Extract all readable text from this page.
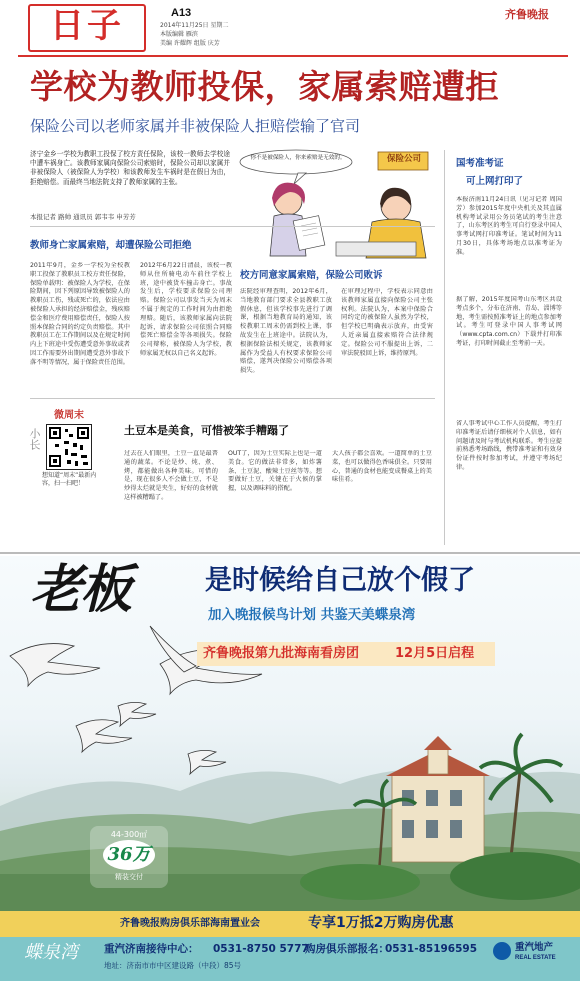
日子	A13
2014年11月25日 星期二
本版编辑 雁滨
美编 许耀辉 组版 庆芳
齐鲁晚报
学校为教师投保，家属索赔遭拒
保险公司以老师家属并非被保险人拒赔偿输了官司
济宁金乡一学校为教职工投保了校方责任保险，该校一教师去学校途中遭车祸身亡。该教师家属向保险公司索赔时，保险公司却以家属并非被保险人（被保险人为学校）和该教师发生车祸时是在假日为由，拒绝赔偿。而最终当地法院支持了教师家属的主张。
本报记者 路帅 通讯员 郭韦韦 申芳芳
你不是被保险人，你来索赔是无效的。	保险公司
教师身亡家属索赔，却遭保险公司拒绝
校方同意家属索赔，保险公司败诉
2011年9月，金乡一学校为全校教职工投保了教职员工校方责任保险，保险单载明：被保险人为学校，在保险期间，因下列原因导致被保险人的教职员工伤，残或死亡的，依法应由被保险人承担的经济赔偿金，残疾赔偿金和医疗费用赔偿责任，保险人按照本保险合同的约定负责赔偿。其中教职员工在工作期间以及在规定时间内上下班途中受伤遭受意外事故或者因工作需要外出期间遭受意外事故下落不明等情况，属于保险责任范围。
2012年6月22日清晨，该校一教师从住所骑电动车前往学校上班，途中被货车撞击身亡。事故发生后，学校要求保险公司理赔。保险公司以事发当天为周末不属于规定的工作时间为由拒绝理赔。随后，该教师家属向法院起诉，请求保险公司依照合同赔偿死亡赔偿金等各项损失。保险公司辩称，被保险人为学校，教师家属无权以自己名义起诉。
法院经审理查明，2012年6月，当地教育部门要求全县教职工放假休息，但该学校事先进行了调课，根据当地教育局的通知，该校教职工周末仍需到校上课，事故发生在上班途中。法院认为，根据保险法相关规定，该教师家属作为受益人有权要求保险公司赔偿，遂判决保险公司赔偿各项损失。
在审理过程中，学校表示同意由该教师家属直接向保险公司主张权利。法院认为，本案中保险合同约定的被保险人虽然为学校，但学校已明确表示放弃，由受害人近亲属直接索赔符合法律规定。保险公司不服提出上诉，二审法院驳回上诉，维持原判。
国考准考证
可上网打印了
本报济南11月24日讯（见习记者 周国芳）参加2015年度中央机关及其直属机构考试录用公务员笔试的考生注意了，山东考区的考生可自行登录中国人事考试网打印准考证。笔试时间为11月30日，具体考场地点以准考证为准。
据了解，2015年度国考山东考区共设考点多个，分布在济南、青岛、淄博等地，考生需按照准考证上的地点参加考试。考生可登录中国人事考试网（www.cpta.com.cn）下载并打印准考证，打印时间截止至考前一天。
省人事考试中心工作人员提醒，考生打印准考证后请仔细核对个人信息，如有问题请及时与考试机构联系。考生应提前熟悉考场路线，携带准考证和有效身份证件按时参加考试，并遵守考场纪律。
小长
微周末
想知道“周末”最新内容，扫一扫吧！
土豆本是美食，可惜被笨手糟蹋了
过去在人们眼里，土豆一直是最普通的蔬菜。不论是炒、炖、煮、烤，都能做出各种美味。可惜的是，现在很多人不会做土豆，不是炒得太烂就是夹生，好好的食材就这样被糟蹋了。
OUT了，因为土豆实际上也是一道美食。它的做法非常多，如炸薯条、土豆泥、酸辣土豆丝等等。想要做好土豆，关键在于火候的掌握，以及调味料的搭配。
大人孩子都会喜欢。一道简单的土豆菜，也可以做得色香味俱全。只要用心，普通的食材也能变成餐桌上的美味佳肴。
老板	是时候给自己放个假了
加入晚报候鸟计划 共鉴天美蝶泉湾
齐鲁晚报第九批海南看房团	12月5日启程
44-300㎡
36万
精装交付
齐鲁晚报购房俱乐部海南置业会	专享1万抵2万购房优惠
蝶泉湾 重汽济南接待中心： 0531-8750 5777
购房俱乐部报名：
0531-85196595
地址：济南市市中区建设路（中段）85号
重汽地产
REAL ESTATE
